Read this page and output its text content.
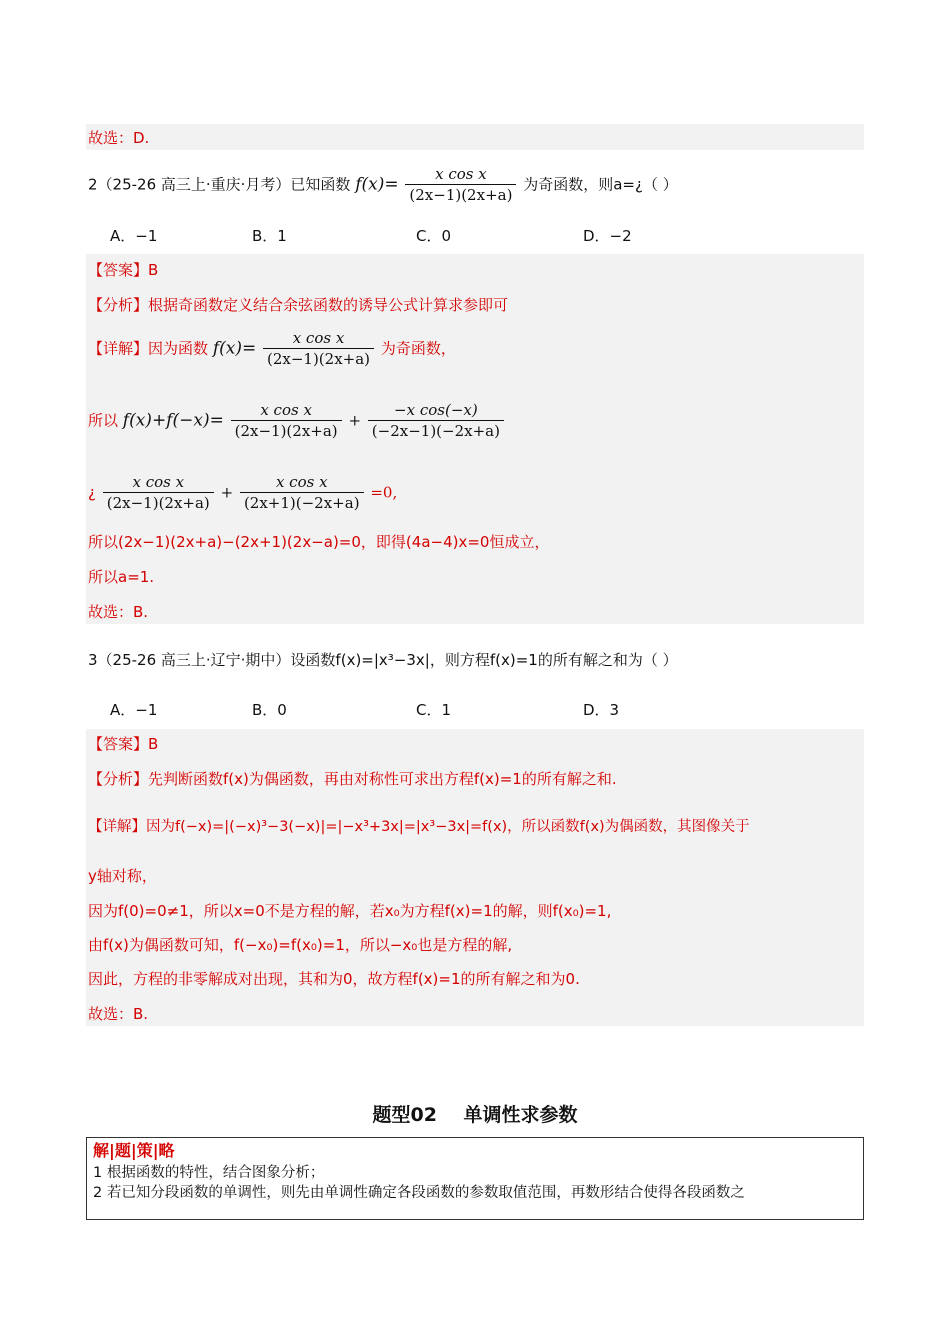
故选：D.
2（25-26 高三上·重庆·月考）已知函数 $f(x)= \frac{\text{x cos x}}{(2x-1)(2x+a)}$ 为奇函数，则a=¿（ ）
A．−1	B．1	C．0	D．−2
【答案】B
【分析】根据奇函数定义结合余弦函数的诱导公式计算求参即可
【详解】因为函数 $f(x)= \frac{\text{x cos x}}{(2x-1)(2x+a)}$ 为奇函数，
所以 $f(x)+f(-x)= \frac{\text{x cos x}}{(2x-1)(2x+a)} + \frac{\text{−x cos(−x)}}{(-2x-1)(-2x+a)}$
¿ $\frac{\text{x cos x}}{(2x-1)(2x+a)} + \frac{\text{x cos x}}{(2x+1)(-2x+a)} =0$,
所以(2x−1)(2x+a)−(2x+1)(2x−a)=0，即得(4a−4)x=0恒成立，
所以a=1.
故选：B.
3（25-26 高三上·辽宁·期中）设函数f(x)=|x³−3x|，则方程f(x)=1的所有解之和为（ ）
A．−1	B．0	C．1	D．3
【答案】B
【分析】先判断函数f(x)为偶函数，再由对称性可求出方程f(x)=1的所有解之和.
【详解】因为f(−x)=|(−x)³−3(−x)|=|−x³+3x|=|x³−3x|=f(x)，所以函数f(x)为偶函数，其图像关于
y轴对称，
因为f(0)=0≠1，所以x=0不是方程的解，若x₀为方程f(x)=1的解，则f(x₀)=1,
由f(x)为偶函数可知，f(−x₀)=f(x₀)=1，所以−x₀也是方程的解,
因此，方程的非零解成对出现，其和为0，故方程f(x)=1的所有解之和为0.
故选：B.
题型02    单调性求参数
解|题|策|略
1 根据函数的特性，结合图象分析；
2 若已知分段函数的单调性，则先由单调性确定各段函数的参数取值范围，再数形结合使得各段函数之
